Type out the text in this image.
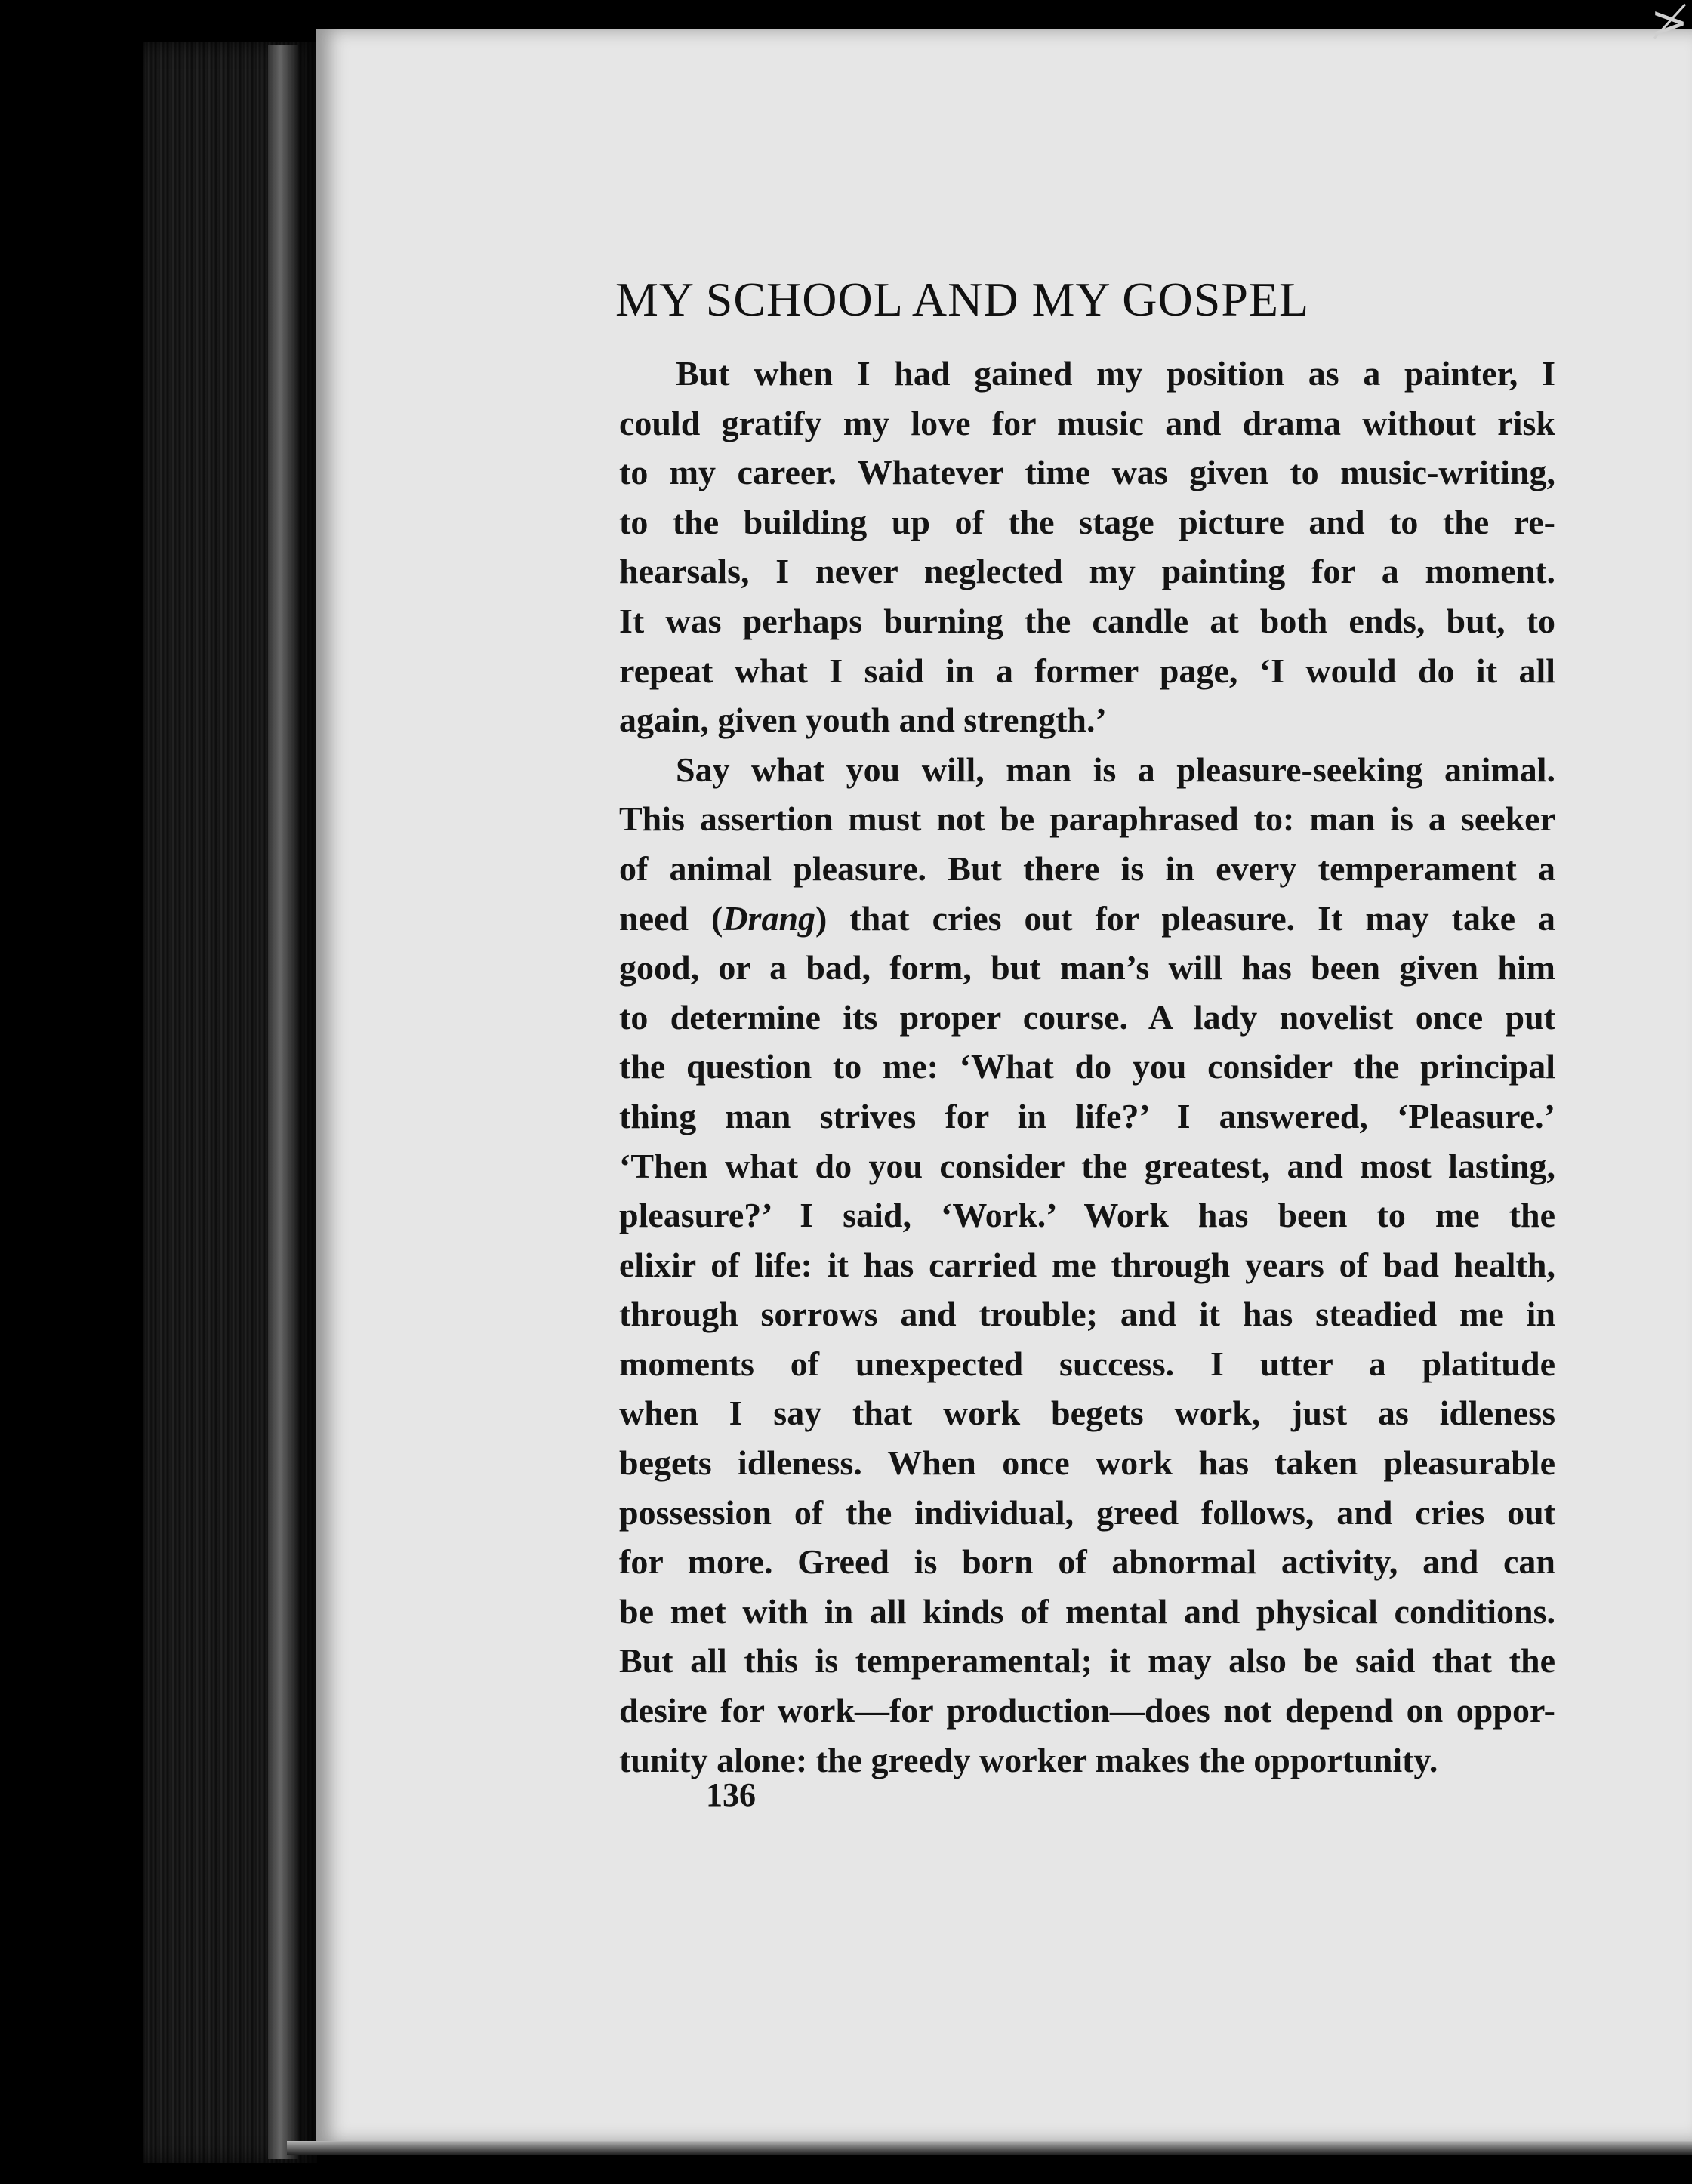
≯
MY SCHOOL AND MY GOSPEL
But when I had gained my position as a painter, I
could gratify my love for music and drama without risk
to my career. Whatever time was given to music-writing,
to the building up of the stage picture and to the re-
hearsals, I never neglected my painting for a moment.
It was perhaps burning the candle at both ends, but, to
repeat what I said in a former page, ‘I would do it all
again, given youth and strength.’
Say what you will, man is a pleasure-seeking animal.
This assertion must not be paraphrased to: man is a seeker
of animal pleasure. But there is in every temperament a
need (Drang) that cries out for pleasure. It may take a
good, or a bad, form, but man’s will has been given him
to determine its proper course. A lady novelist once put
the question to me: ‘What do you consider the principal
thing man strives for in life?’ I answered, ‘Pleasure.’
‘Then what do you consider the greatest, and most lasting,
pleasure?’ I said, ‘Work.’ Work has been to me the
elixir of life: it has carried me through years of bad health,
through sorrows and trouble; and it has steadied me in
moments of unexpected success. I utter a platitude
when I say that work begets work, just as idleness
begets idleness. When once work has taken pleasurable
possession of the individual, greed follows, and cries out
for more. Greed is born of abnormal activity, and can
be met with in all kinds of mental and physical conditions.
But all this is temperamental; it may also be said that the
desire for work—for production—does not depend on oppor-
tunity alone: the greedy worker makes the opportunity.
136
